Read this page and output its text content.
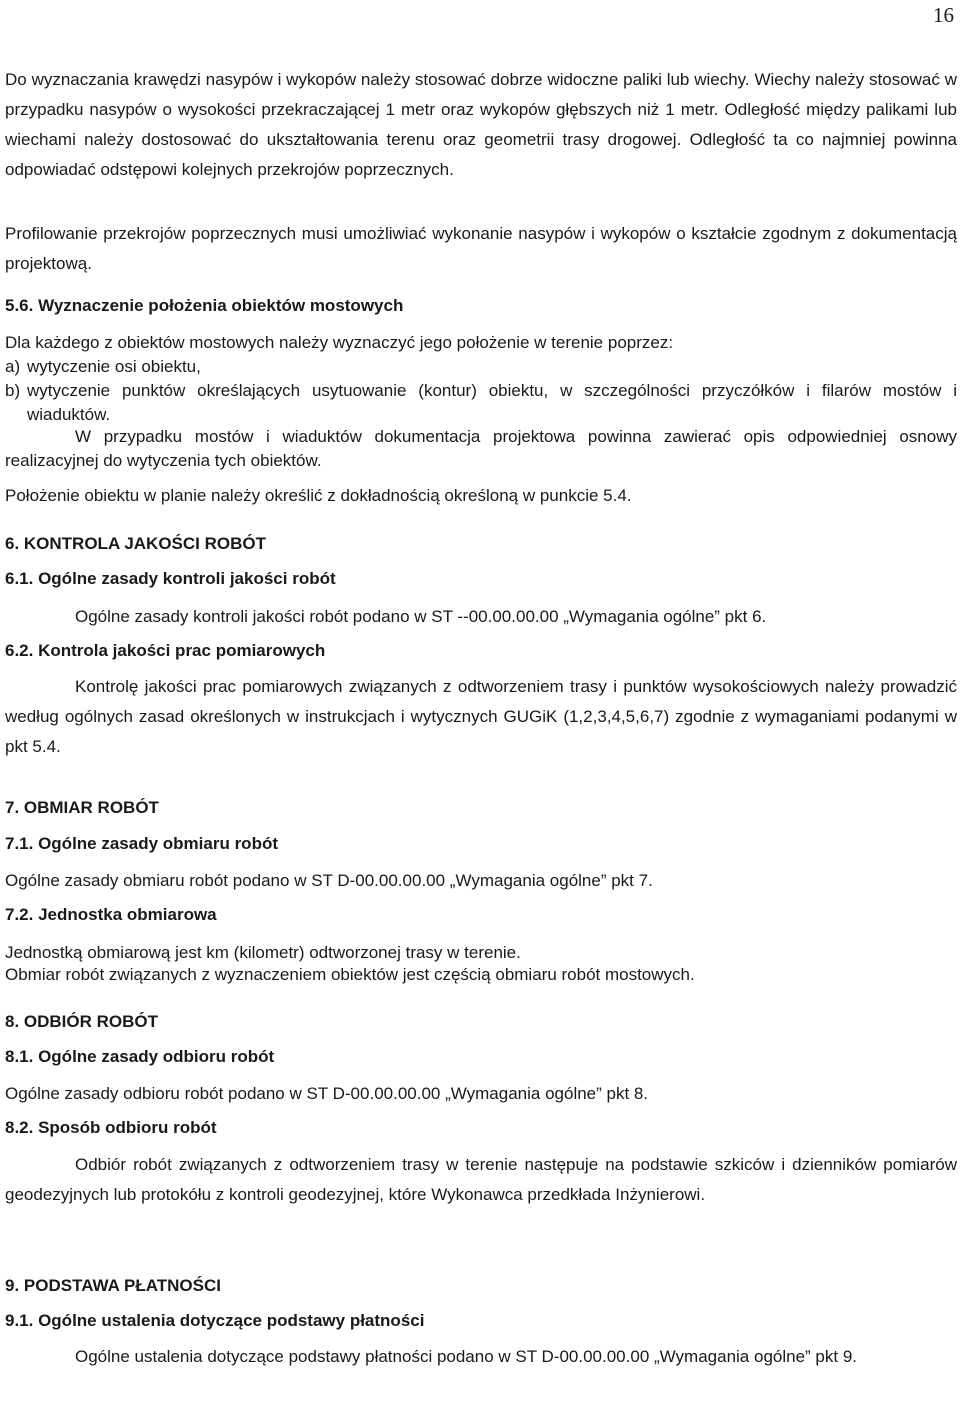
16

Do wyznaczania krawędzi nasypów i wykopów należy stosować dobrze widoczne paliki lub wiechy. Wiechy należy stosować w przypadku nasypów o wysokości przekraczającej 1 metr oraz wykopów głębszych niż 1 metr. Odległość między palikami lub wiechami należy dostosować do ukształtowania terenu oraz geometrii trasy drogowej. Odległość ta co najmniej powinna odpowiadać odstępowi kolejnych przekrojów poprzecznych.

Profilowanie przekrojów poprzecznych musi umożliwiać wykonanie nasypów i wykopów o kształcie zgodnym z dokumentacją projektową.

5.6. Wyznaczenie położenia obiektów mostowych
Dla każdego z obiektów mostowych należy wyznaczyć jego położenie w terenie poprzez:
a) wytyczenie osi obiektu,
b) wytyczenie punktów określających usytuowanie (kontur) obiektu, w szczególności przyczółków i filarów mostów i wiaduktów.

W przypadku mostów i wiaduktów dokumentacja projektowa powinna zawierać opis odpowiedniej osnowy realizacyjnej do wytyczenia tych obiektów.

Położenie obiektu w planie należy określić z dokładnością określoną w punkcie 5.4.
6. KONTROLA JAKOŚCI ROBÓT
6.1. Ogólne zasady kontroli jakości robót
Ogólne zasady kontroli jakości robót podano w ST --00.00.00.00 „Wymagania ogólne” pkt 6.
6.2. Kontrola jakości prac pomiarowych

Kontrolę jakości prac pomiarowych związanych z odtworzeniem trasy i punktów wysokościowych należy prowadzić według ogólnych zasad określonych w instrukcjach i wytycznych GUGiK (1,2,3,4,5,6,7) zgodnie z wymaganiami podanymi w pkt 5.4.

7. OBMIAR ROBÓT
7.1. Ogólne zasady obmiaru robót
Ogólne zasady obmiaru robót podano w ST D-00.00.00.00 „Wymagania ogólne” pkt 7.
7.2. Jednostka obmiarowa
Jednostką obmiarową jest km (kilometr) odtworzonej trasy w terenie.
Obmiar robót związanych z wyznaczeniem obiektów jest częścią obmiaru robót mostowych.
8. ODBIÓR ROBÓT
8.1. Ogólne zasady odbioru robót
Ogólne zasady odbioru robót podano w ST D-00.00.00.00 „Wymagania ogólne” pkt 8.
8.2. Sposób odbioru robót

Odbiór robót związanych z odtworzeniem trasy w terenie następuje na podstawie szkiców i dzienników pomiarów geodezyjnych lub protokółu z kontroli geodezyjnej, które Wykonawca przedkłada Inżynierowi.

9. PODSTAWA PŁATNOŚCI
9.1. Ogólne ustalenia dotyczące podstawy płatności

Ogólne ustalenia dotyczące podstawy płatności podano w ST D-00.00.00.00 „Wymagania ogólne” pkt 9.
